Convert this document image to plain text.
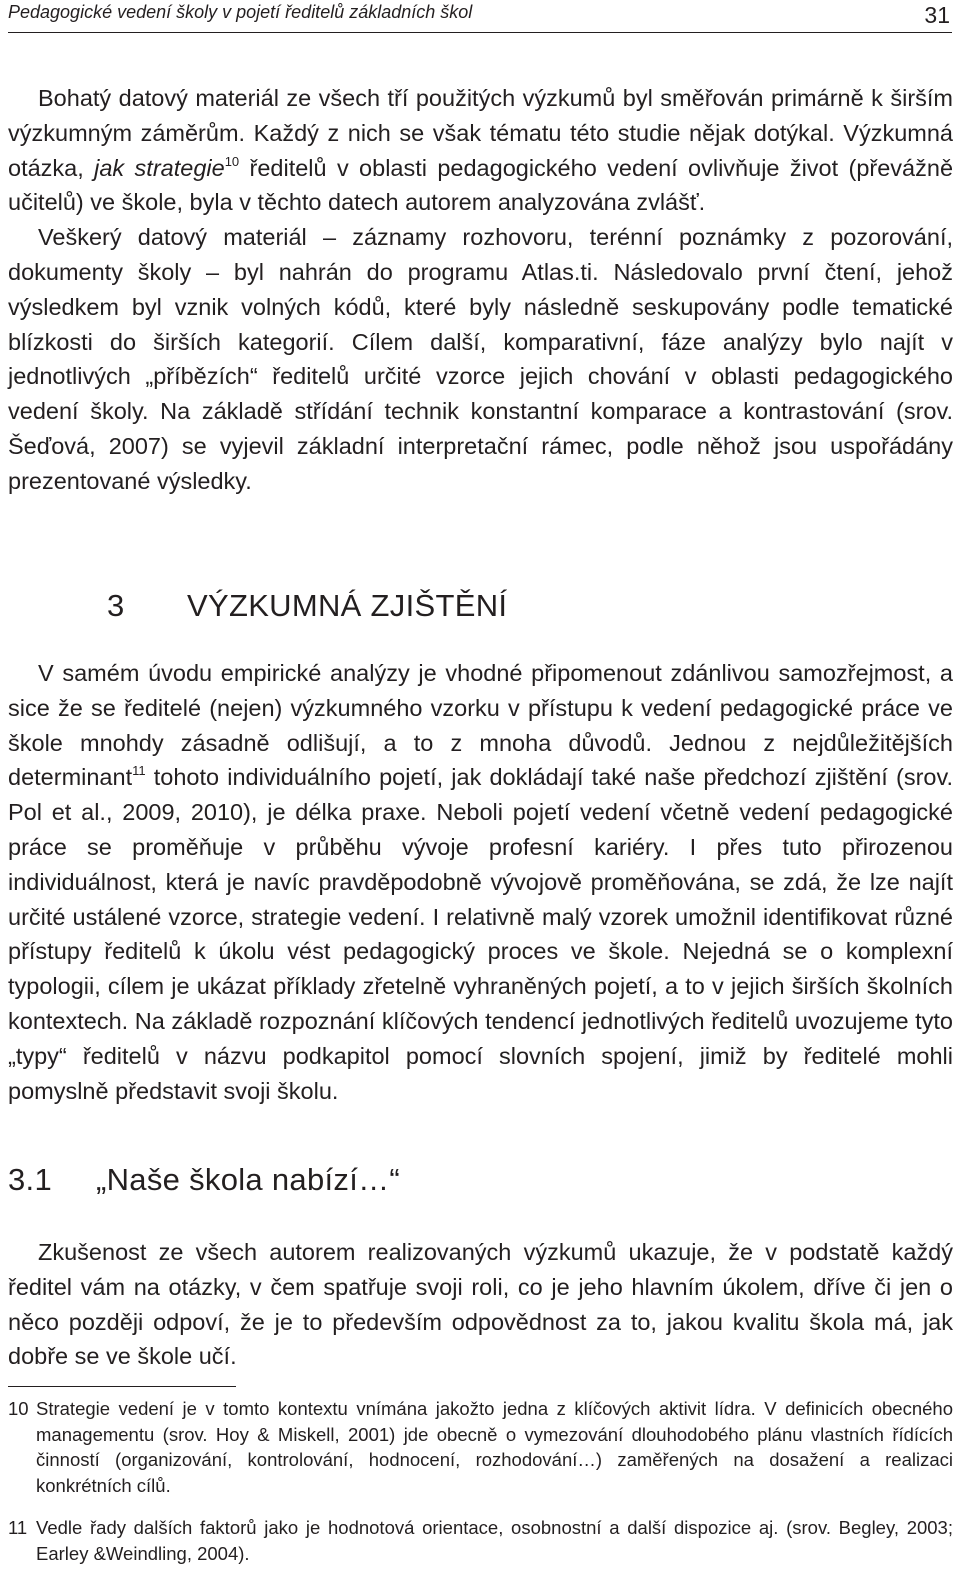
Pedagogické vedení školy v pojetí ředitelů základních škol	31

Bohatý datový materiál ze všech tří použitých výzkumů byl směřován primárně k širším výzkumným záměrům. Každý z nich se však tématu této studie nějak dotýkal. Výzkumná otázka, jak strategie$^{10}$ ředitelů v oblasti pedagogického vedení ovlivňuje život (převážně učitelů) ve škole, byla v těchto datech autorem analyzována zvlášť.

Veškerý datový materiál – záznamy rozhovoru, terénní poznámky z pozorování, dokumenty školy – byl nahrán do programu Atlas.ti. Následovalo první čtení, jehož výsledkem byl vznik volných kódů, které byly následně seskupovány podle tematické blízkosti do širších kategorií. Cílem další, komparativní, fáze analýzy bylo najít v jednotlivých „příbězích“ ředitelů určité vzorce jejich chování v oblasti pedagogického vedení školy. Na základě střídání technik konstantní komparace a kontrastování (srov. Šeďová, 2007) se vyjevil základní interpretační rámec, podle něhož jsou uspořádány prezentované výsledky.

3 VÝZKUMNÁ ZJIŠTĚNÍ

V samém úvodu empirické analýzy je vhodné připomenout zdánlivou samozřejmost, a sice že se ředitelé (nejen) výzkumného vzorku v přístupu k vedení pedagogické práce ve škole mnohdy zásadně odlišují, a to z mnoha důvodů. Jednou z nejdůležitějších determinant$^{11}$ tohoto individuálního pojetí, jak dokládají také naše předchozí zjištění (srov. Pol et al., 2009, 2010), je délka praxe. Neboli pojetí vedení včetně vedení pedagogické práce se proměňuje v průběhu vývoje profesní kariéry. I přes tuto přirozenou individuálnost, která je navíc pravděpodobně vývojově proměňována, se zdá, že lze najít určité ustálené vzorce, strategie vedení. I relativně malý vzorek umožnil identifikovat různé přístupy ředitelů k úkolu vést pedagogický proces ve škole. Nejedná se o komplexní typologii, cílem je ukázat příklady zřetelně vyhraněných pojetí, a to v jejich širších školních kontextech. Na základě rozpoznání klíčových tendencí jednotlivých ředitelů uvozujeme tyto „typy“ ředitelů v názvu podkapitol pomocí slovních spojení, jimiž by ředitelé mohli pomyslně představit svoji školu.

3.1 „Naše škola nabízí…“

Zkušenost ze všech autorem realizovaných výzkumů ukazuje, že v podstatě každý ředitel vám na otázky, v čem spatřuje svoji roli, co je jeho hlavním úkolem, dříve či jen o něco později odpoví, že je to především odpovědnost za to, jakou kvalitu škola má, jak dobře se ve škole učí.

10 Strategie vedení je v tomto kontextu vnímána jakožto jedna z klíčových aktivit lídra. V definicích obecného managementu (srov. Hoy & Miskell, 2001) jde obecně o vymezování dlouhodobého plánu vlastních řídících činností (organizování, kontrolování, hodnocení, rozhodování…) zaměřených na dosažení a realizaci konkrétních cílů.
11 Vedle řady dalších faktorů jako je hodnotová orientace, osobnostní a další dispozice aj. (srov. Begley, 2003; Earley &Weindling, 2004).
